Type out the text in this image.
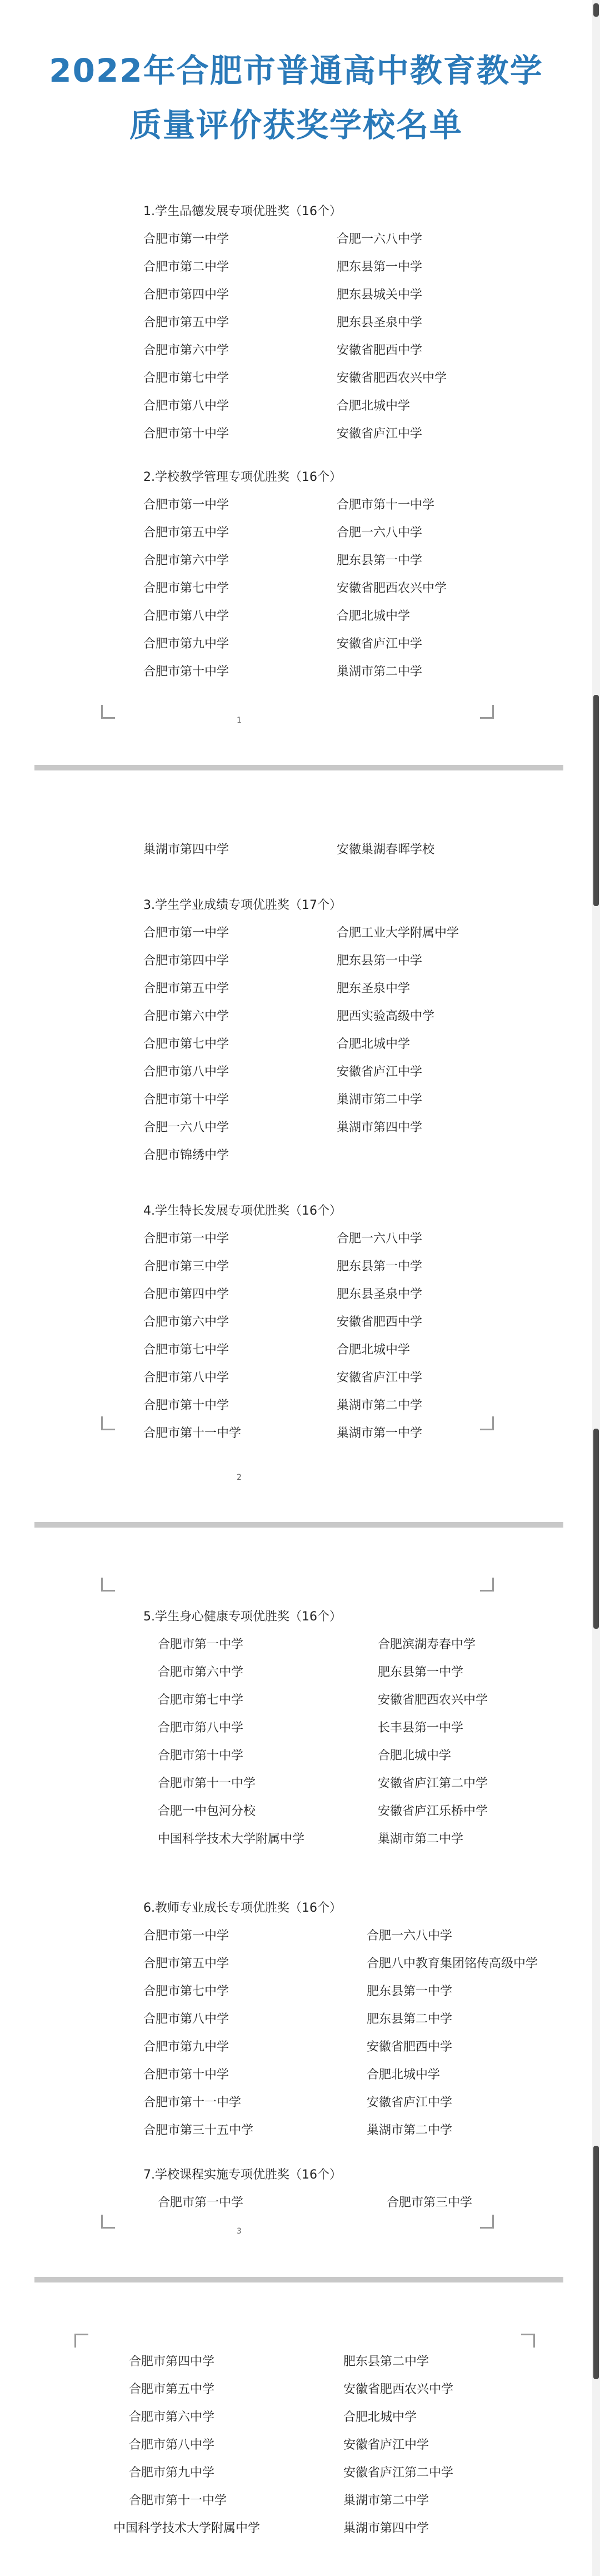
2022年合肥市普通高中教育教学
质量评价获奖学校名单
1
2
3
1.学生品德发展专项优胜奖（16个）
合肥市第一中学	合肥一六八中学
合肥市第二中学	肥东县第一中学
合肥市第四中学	肥东县城关中学
合肥市第五中学	肥东县圣泉中学
合肥市第六中学	安徽省肥西中学
合肥市第七中学	安徽省肥西农兴中学
合肥市第八中学	合肥北城中学
合肥市第十中学	安徽省庐江中学
2.学校教学管理专项优胜奖（16个）
合肥市第一中学	合肥市第十一中学
合肥市第五中学	合肥一六八中学
合肥市第六中学	肥东县第一中学
合肥市第七中学	安徽省肥西农兴中学
合肥市第八中学	合肥北城中学
合肥市第九中学	安徽省庐江中学
合肥市第十中学	巢湖市第二中学
巢湖市第四中学	安徽巢湖春晖学校
3.学生学业成绩专项优胜奖（17个）
合肥市第一中学	合肥工业大学附属中学
合肥市第四中学	肥东县第一中学
合肥市第五中学	肥东圣泉中学
合肥市第六中学	肥西实验高级中学
合肥市第七中学	合肥北城中学
合肥市第八中学	安徽省庐江中学
合肥市第十中学	巢湖市第二中学
合肥一六八中学	巢湖市第四中学
合肥市锦绣中学
4.学生特长发展专项优胜奖（16个）
合肥市第一中学	合肥一六八中学
合肥市第三中学	肥东县第一中学
合肥市第四中学	肥东县圣泉中学
合肥市第六中学	安徽省肥西中学
合肥市第七中学	合肥北城中学
合肥市第八中学	安徽省庐江中学
合肥市第十中学	巢湖市第二中学
合肥市第十一中学	巢湖市第一中学
5.学生身心健康专项优胜奖（16个）
合肥市第一中学	合肥滨湖寿春中学
合肥市第六中学	肥东县第一中学
合肥市第七中学	安徽省肥西农兴中学
合肥市第八中学	长丰县第一中学
合肥市第十中学	合肥北城中学
合肥市第十一中学	安徽省庐江第二中学
合肥一中包河分校	安徽省庐江乐桥中学
中国科学技术大学附属中学	巢湖市第二中学
6.教师专业成长专项优胜奖（16个）
合肥市第一中学	合肥一六八中学
合肥市第五中学	合肥八中教育集团铭传高级中学
合肥市第七中学	肥东县第一中学
合肥市第八中学	肥东县第二中学
合肥市第九中学	安徽省肥西中学
合肥市第十中学	合肥北城中学
合肥市第十一中学	安徽省庐江中学
合肥市第三十五中学	巢湖市第二中学
7.学校课程实施专项优胜奖（16个）
合肥市第一中学	合肥市第三中学
合肥市第四中学	肥东县第二中学
合肥市第五中学	安徽省肥西农兴中学
合肥市第六中学	合肥北城中学
合肥市第八中学	安徽省庐江中学
合肥市第九中学	安徽省庐江第二中学
合肥市第十一中学	巢湖市第二中学
中国科学技术大学附属中学	巢湖市第四中学
